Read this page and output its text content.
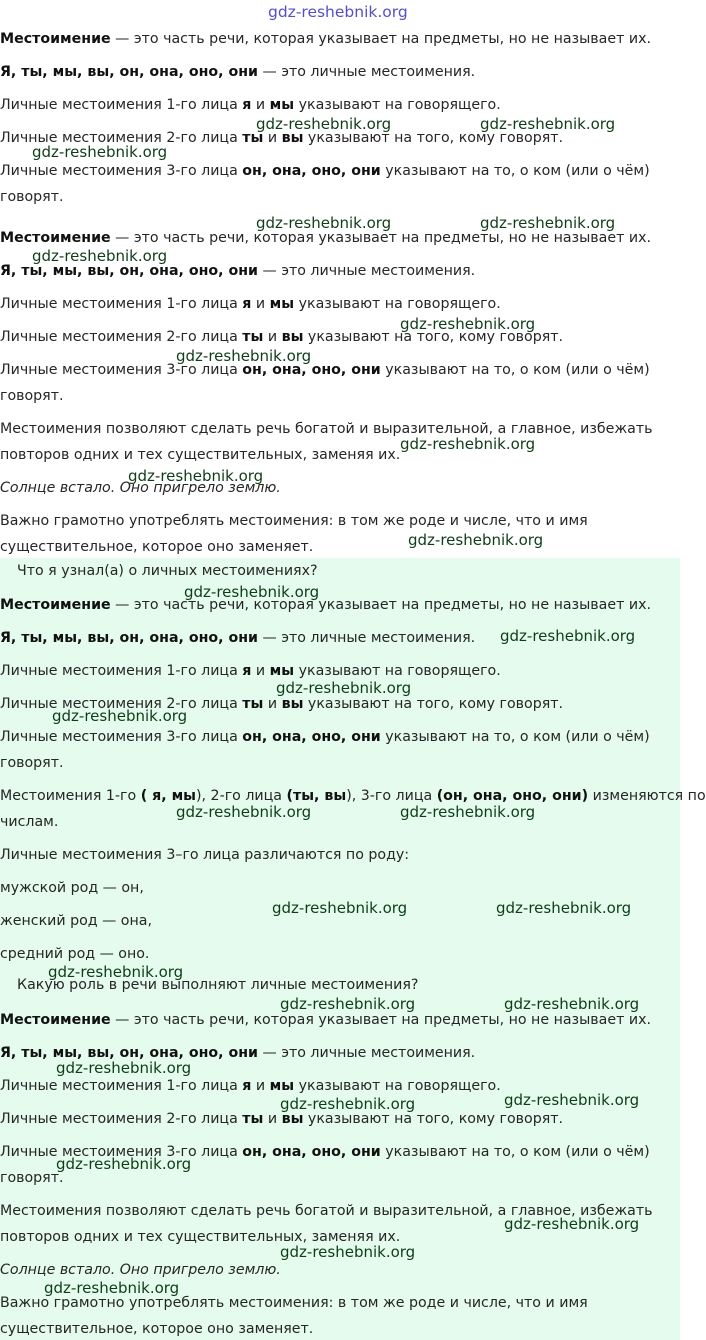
Местоимение — это часть речи, которая указывает на предметы, но не называет их.
Я, ты, мы, вы, он, она, оно, они — это личные местоимения.
Личные местоимения 1-го лица я и мы указывают на говорящего.
Личные местоимения 2-го лица ты и вы указывают на того, кому говорят.
Личные местоимения 3-го лица он, она, оно, они указывают на то, о ком (или о чём)
говорят.
Местоимение — это часть речи, которая указывает на предметы, но не называет их.
Я, ты, мы, вы, он, она, оно, они — это личные местоимения.
Личные местоимения 1-го лица я и мы указывают на говорящего.
Личные местоимения 2-го лица ты и вы указывают на того, кому говорят.
Личные местоимения 3-го лица он, она, оно, они указывают на то, о ком (или о чём)
говорят.
Местоимения позволяют сделать речь богатой и выразительной, а главное, избежать
повторов одних и тех существительных, заменяя их.
Солнце встало. Оно пригрело землю.
Важно грамотно употреблять местоимения: в том же роде и числе, что и имя
существительное, которое оно заменяет.
Что я узнал(а) о личных местоимениях?
Местоимение — это часть речи, которая указывает на предметы, но не называет их.
Я, ты, мы, вы, он, она, оно, они — это личные местоимения.
Личные местоимения 1-го лица я и мы указывают на говорящего.
Личные местоимения 2-го лица ты и вы указывают на того, кому говорят.
Личные местоимения 3-го лица он, она, оно, они указывают на то, о ком (или о чём)
говорят.
Местоимения 1-го ( я, мы), 2-го лица (ты, вы), 3-го лица (он, она, оно, они) изменяются по
числам.
Личные местоимения 3–го лица различаются по роду:
мужской род — он,
женский род — она,
средний род — оно.
Какую роль в речи выполняют личные местоимения?
Местоимение — это часть речи, которая указывает на предметы, но не называет их.
Я, ты, мы, вы, он, она, оно, они — это личные местоимения.
Личные местоимения 1-го лица я и мы указывают на говорящего.
Личные местоимения 2-го лица ты и вы указывают на того, кому говорят.
Личные местоимения 3-го лица он, она, оно, они указывают на то, о ком (или о чём)
говорят.
Местоимения позволяют сделать речь богатой и выразительной, а главное, избежать
повторов одних и тех существительных, заменяя их.
Солнце встало. Оно пригрело землю.
Важно грамотно употреблять местоимения: в том же роде и числе, что и имя
существительное, которое оно заменяет.
gdz-reshebnik.org
gdz-reshebnik.org	gdz-reshebnik.org
gdz-reshebnik.org
gdz-reshebnik.org	gdz-reshebnik.org
gdz-reshebnik.org
gdz-reshebnik.org
gdz-reshebnik.org
gdz-reshebnik.org
gdz-reshebnik.org
gdz-reshebnik.org
gdz-reshebnik.org
gdz-reshebnik.org
gdz-reshebnik.org
gdz-reshebnik.org
gdz-reshebnik.org	gdz-reshebnik.org
gdz-reshebnik.org	gdz-reshebnik.org
gdz-reshebnik.org
gdz-reshebnik.org	gdz-reshebnik.org
gdz-reshebnik.org
gdz-reshebnik.org
gdz-reshebnik.org
gdz-reshebnik.org
gdz-reshebnik.org
gdz-reshebnik.org
gdz-reshebnik.org
